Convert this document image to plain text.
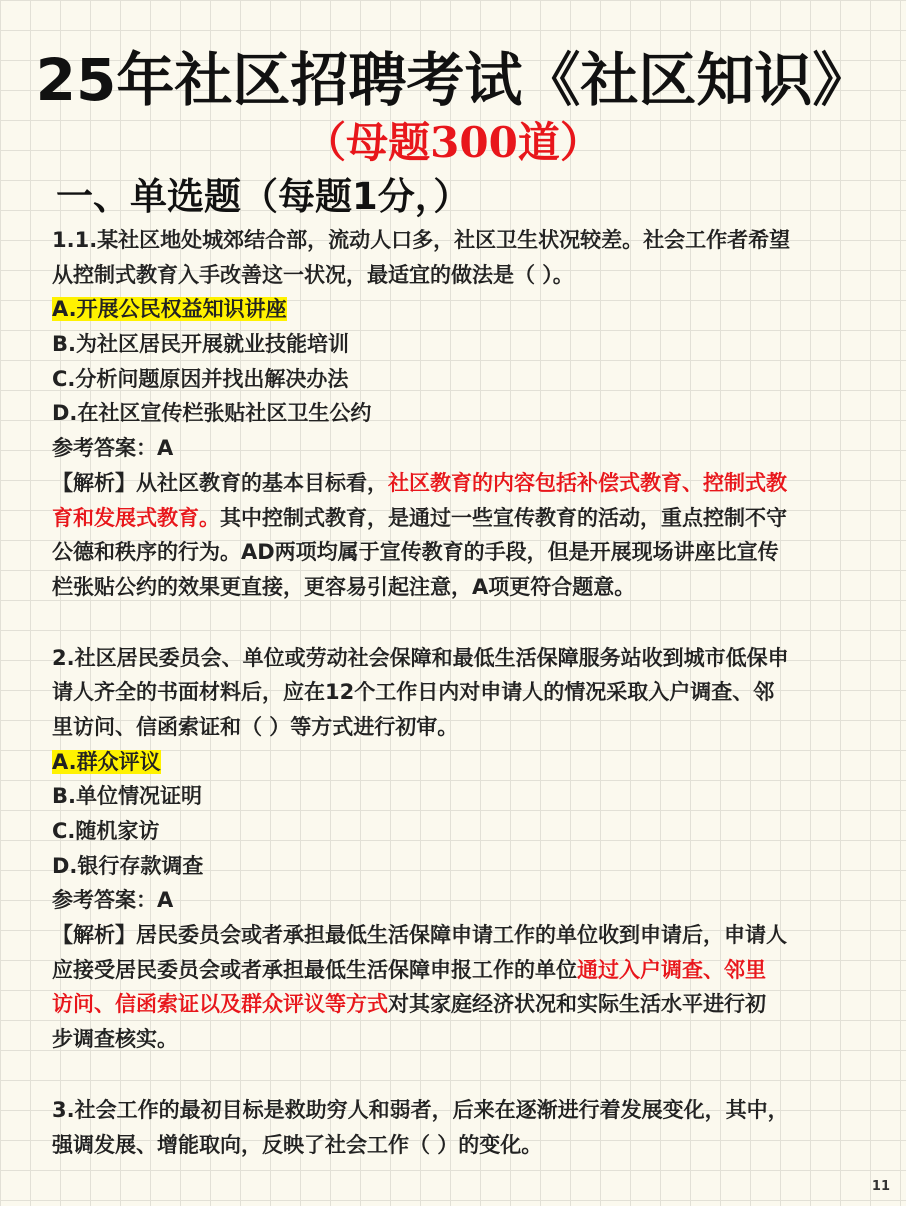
25年社区招聘考试《社区知识》
（母题300道）
一、单选题（每题1分，）
1.1.某社区地处城郊结合部，流动人口多，社区卫生状况较差。社会工作者希望
从控制式教育入手改善这一状况，最适宜的做法是（ ）。
A.开展公民权益知识讲座
B.为社区居民开展就业技能培训
C.分析问题原因并找出解决办法
D.在社区宣传栏张贴社区卫生公约
参考答案：A
【解析】从社区教育的基本目标看，社区教育的内容包括补偿式教育、控制式教
育和发展式教育。其中控制式教育，是通过一些宣传教育的活动，重点控制不守
公德和秩序的行为。AD两项均属于宣传教育的手段，但是开展现场讲座比宣传
栏张贴公约的效果更直接，更容易引起注意，A项更符合题意。
2.社区居民委员会、单位或劳动社会保障和最低生活保障服务站收到城市低保申
请人齐全的书面材料后，应在12个工作日内对申请人的情况采取入户调查、邻
里访问、信函索证和（ ）等方式进行初审。
A.群众评议
B.单位情况证明
C.随机家访
D.银行存款调查
参考答案：A
【解析】居民委员会或者承担最低生活保障申请工作的单位收到申请后，申请人
应接受居民委员会或者承担最低生活保障申报工作的单位通过入户调查、邻里
访问、信函索证以及群众评议等方式对其家庭经济状况和实际生活水平进行初
步调查核实。
3.社会工作的最初目标是救助穷人和弱者，后来在逐渐进行着发展变化，其中，
强调发展、增能取向，反映了社会工作（ ）的变化。
11
